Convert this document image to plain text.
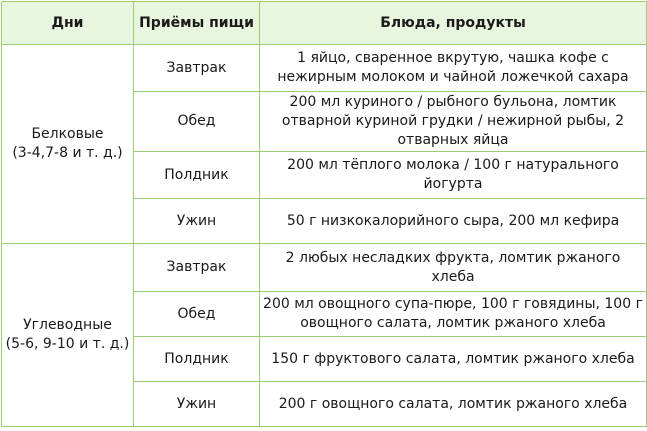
Дни	Приёмы пищи	Блюда, продукты

Белковые
(3-4,7-8 и т. д.)	Завтрак	1 яйцо, сваренное вкрутую, чашка кофе с нежирным молоком и чайной ложечкой сахара
	Обед	200 мл куриного / рыбного бульона, ломтик отварной куриной грудки / нежирной рыбы, 2 отварных яйца
	Полдник	200 мл тёплого молока / 100 г натурального йогурта
	Ужин	50 г низкокалорийного сыра, 200 мл кефира

Углеводные
(5-6, 9-10 и т. д.)	Завтрак	2 любых несладких фрукта, ломтик ржаного хлеба
	Обед	200 мл овощного супа-пюре, 100 г говядины, 100 г овощного салата, ломтик ржаного хлеба
	Полдник	150 г фруктового салата, ломтик ржаного хлеба
	Ужин	200 г овощного салата, ломтик ржаного хлеба
